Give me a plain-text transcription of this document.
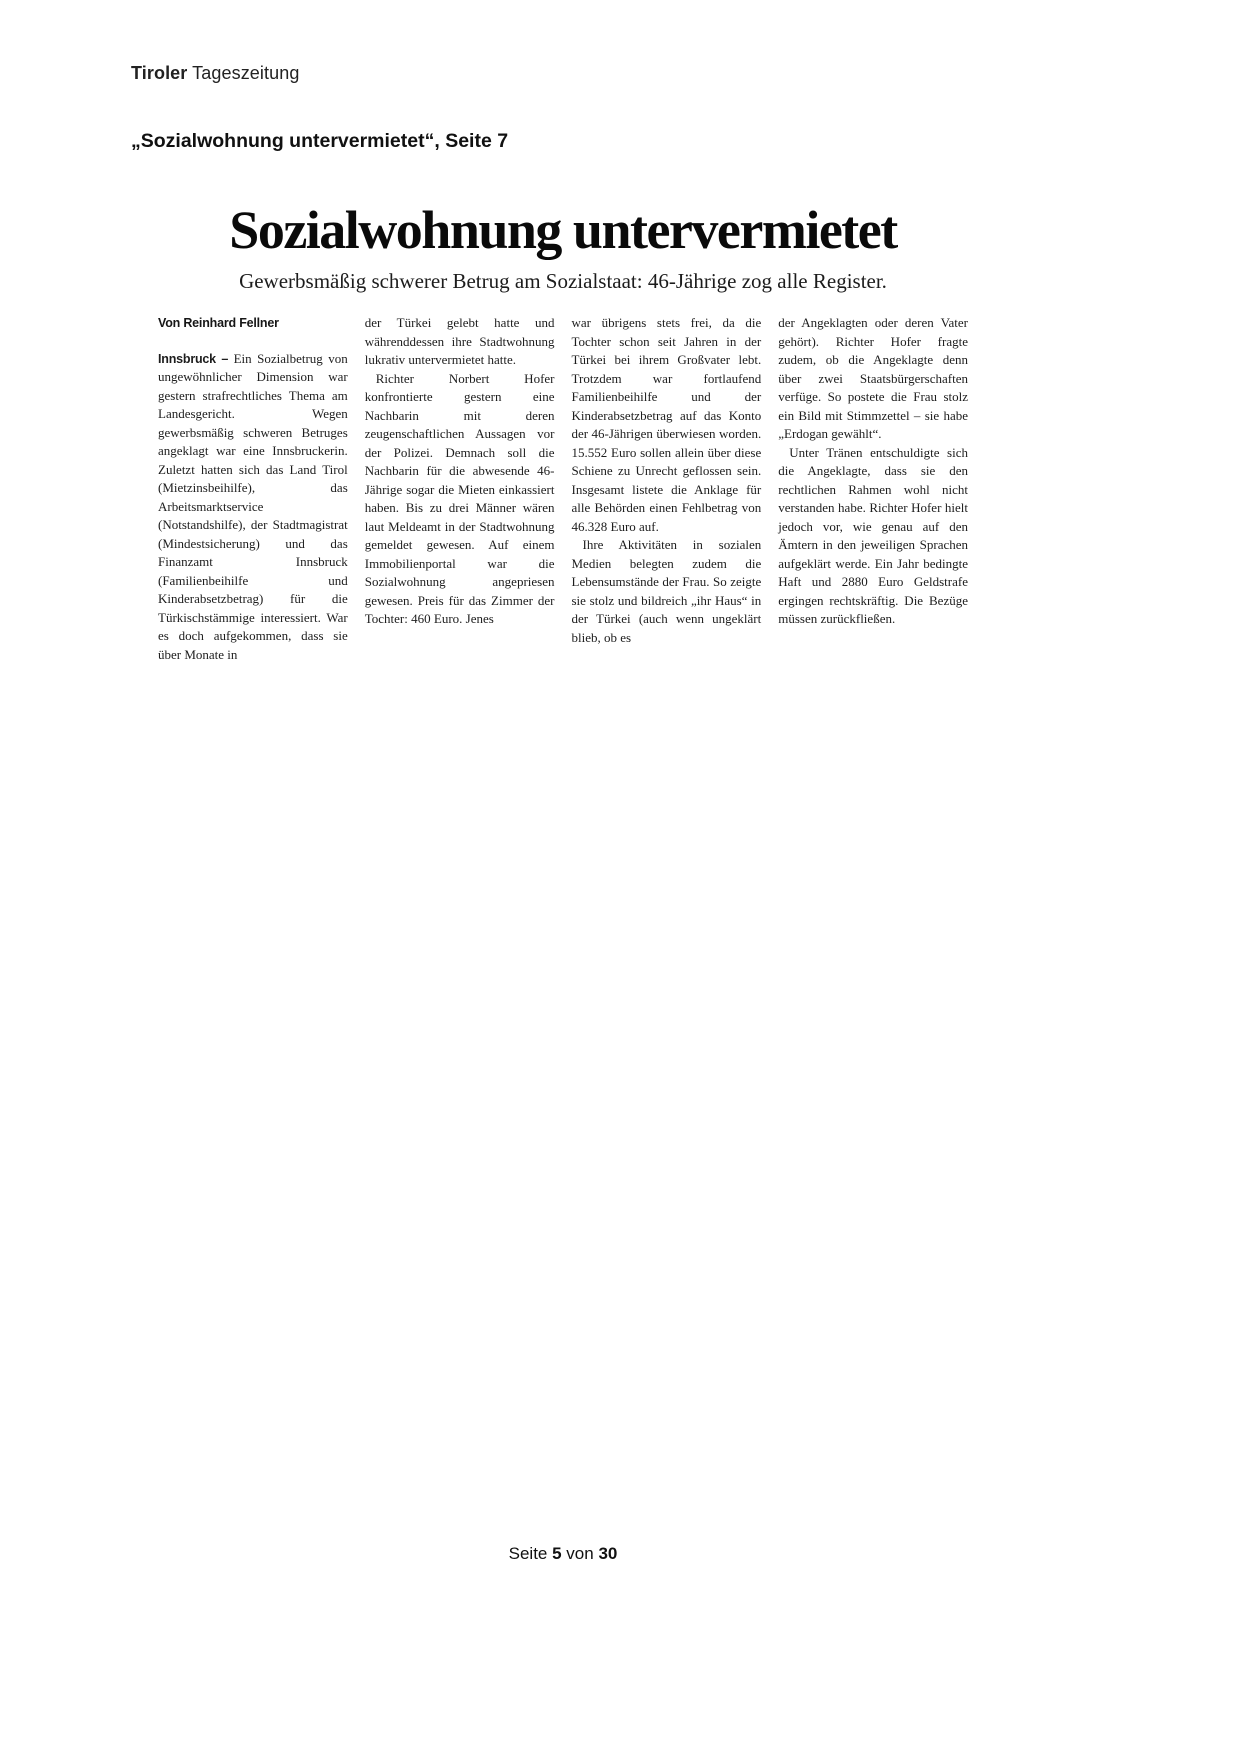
Tiroler Tageszeitung
„Sozialwohnung untervermietet“, Seite 7
Sozialwohnung untervermietet
Gewerbsmäßig schwerer Betrug am Sozialstaat: 46-Jährige zog alle Register.

Von Reinhard Fellner

Innsbruck – Ein Sozialbetrug von ungewöhnlicher Dimension war gestern strafrechtliches Thema am Landesgericht. Wegen gewerbsmäßig schweren Betruges angeklagt war eine Innsbruckerin. Zuletzt hatten sich das Land Tirol (Mietzinsbeihilfe), das Arbeitsmarktservice (Notstandshilfe), der Stadtmagistrat (Mindestsicherung) und das Finanzamt Innsbruck (Familienbeihilfe und Kinderabsetzbetrag) für die Türkischstämmige interessiert. War es doch aufgekommen, dass sie über Monate in

der Türkei gelebt hatte und währenddessen ihre Stadtwohnung lukrativ untervermietet hatte.

Richter Norbert Hofer konfrontierte gestern eine Nachbarin mit deren zeugenschaftlichen Aussagen vor der Polizei. Demnach soll die Nachbarin für die abwesende 46-Jährige sogar die Mieten einkassiert haben. Bis zu drei Männer wären laut Meldeamt in der Stadtwohnung gemeldet gewesen. Auf einem Immobilienportal war die Sozialwohnung angepriesen gewesen. Preis für das Zimmer der Tochter: 460 Euro. Jenes

war übrigens stets frei, da die Tochter schon seit Jahren in der Türkei bei ihrem Großvater lebt. Trotzdem war fortlaufend Familienbeihilfe und der Kinderabsetzbetrag auf das Konto der 46-Jährigen überwiesen worden. 15.552 Euro sollen allein über diese Schiene zu Unrecht geflossen sein. Insgesamt listete die Anklage für alle Behörden einen Fehlbetrag von 46.328 Euro auf.

Ihre Aktivitäten in sozialen Medien belegten zudem die Lebensumstände der Frau. So zeigte sie stolz und bildreich „ihr Haus“ in der Türkei (auch wenn ungeklärt blieb, ob es

der Angeklagten oder deren Vater gehört). Richter Hofer fragte zudem, ob die Angeklagte denn über zwei Staatsbürgerschaften verfüge. So postete die Frau stolz ein Bild mit Stimmzettel – sie habe „Erdogan gewählt“.

Unter Tränen entschuldigte sich die Angeklagte, dass sie den rechtlichen Rahmen wohl nicht verstanden habe. Richter Hofer hielt jedoch vor, wie genau auf den Ämtern in den jeweiligen Sprachen aufgeklärt werde. Ein Jahr bedingte Haft und 2880 Euro Geldstrafe ergingen rechtskräftig. Die Bezüge müssen zurückfließen.

Seite 5 von 30
